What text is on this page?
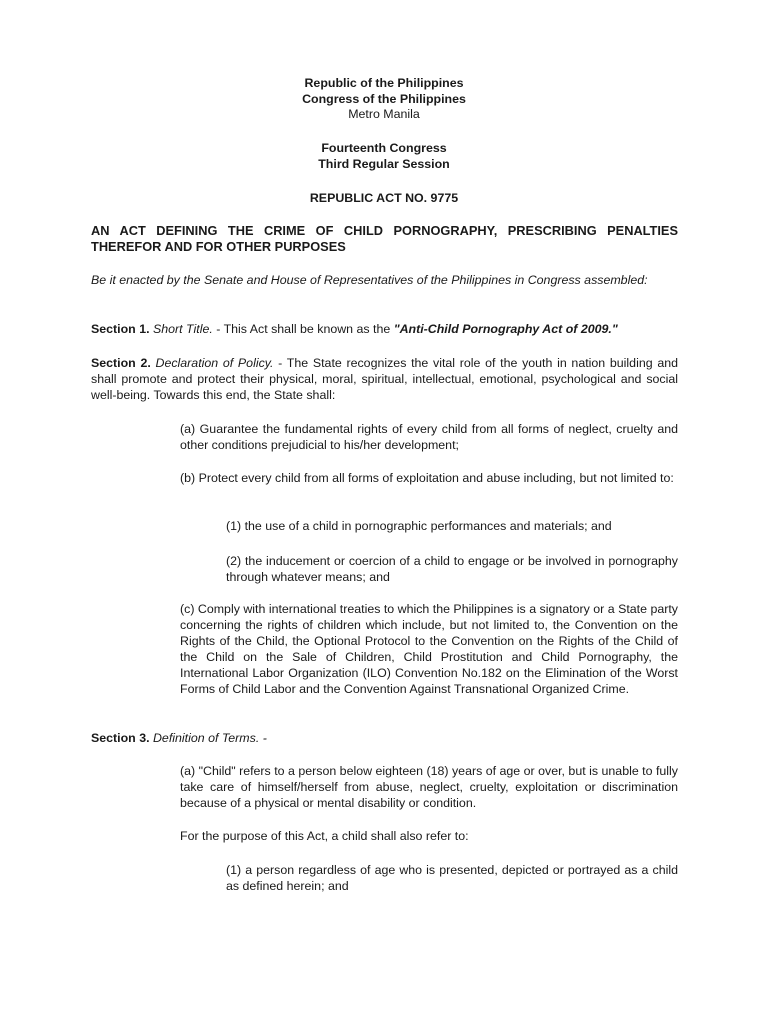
Republic of the Philippines
Congress of the Philippines
Metro Manila
Fourteenth Congress
Third Regular Session
REPUBLIC ACT NO. 9775
AN ACT DEFINING THE CRIME OF CHILD PORNOGRAPHY, PRESCRIBING PENALTIES THEREFOR AND FOR OTHER PURPOSES
Be it enacted by the Senate and House of Representatives of the Philippines in Congress assembled:
Section 1. Short Title. - This Act shall be known as the "Anti-Child Pornography Act of 2009."
Section 2. Declaration of Policy. - The State recognizes the vital role of the youth in nation building and shall promote and protect their physical, moral, spiritual, intellectual, emotional, psychological and social well-being. Towards this end, the State shall:
(a) Guarantee the fundamental rights of every child from all forms of neglect, cruelty and other conditions prejudicial to his/her development;
(b) Protect every child from all forms of exploitation and abuse including, but not limited to:
(1) the use of a child in pornographic performances and materials; and
(2) the inducement or coercion of a child to engage or be involved in pornography through whatever means; and
(c) Comply with international treaties to which the Philippines is a signatory or a State party concerning the rights of children which include, but not limited to, the Convention on the Rights of the Child, the Optional Protocol to the Convention on the Rights of the Child of the Child on the Sale of Children, Child Prostitution and Child Pornography, the International Labor Organization (ILO) Convention No.182 on the Elimination of the Worst Forms of Child Labor and the Convention Against Transnational Organized Crime.
Section 3. Definition of Terms. -
(a) "Child" refers to a person below eighteen (18) years of age or over, but is unable to fully take care of himself/herself from abuse, neglect, cruelty, exploitation or discrimination because of a physical or mental disability or condition.
For the purpose of this Act, a child shall also refer to:
(1) a person regardless of age who is presented, depicted or portrayed as a child as defined herein; and
